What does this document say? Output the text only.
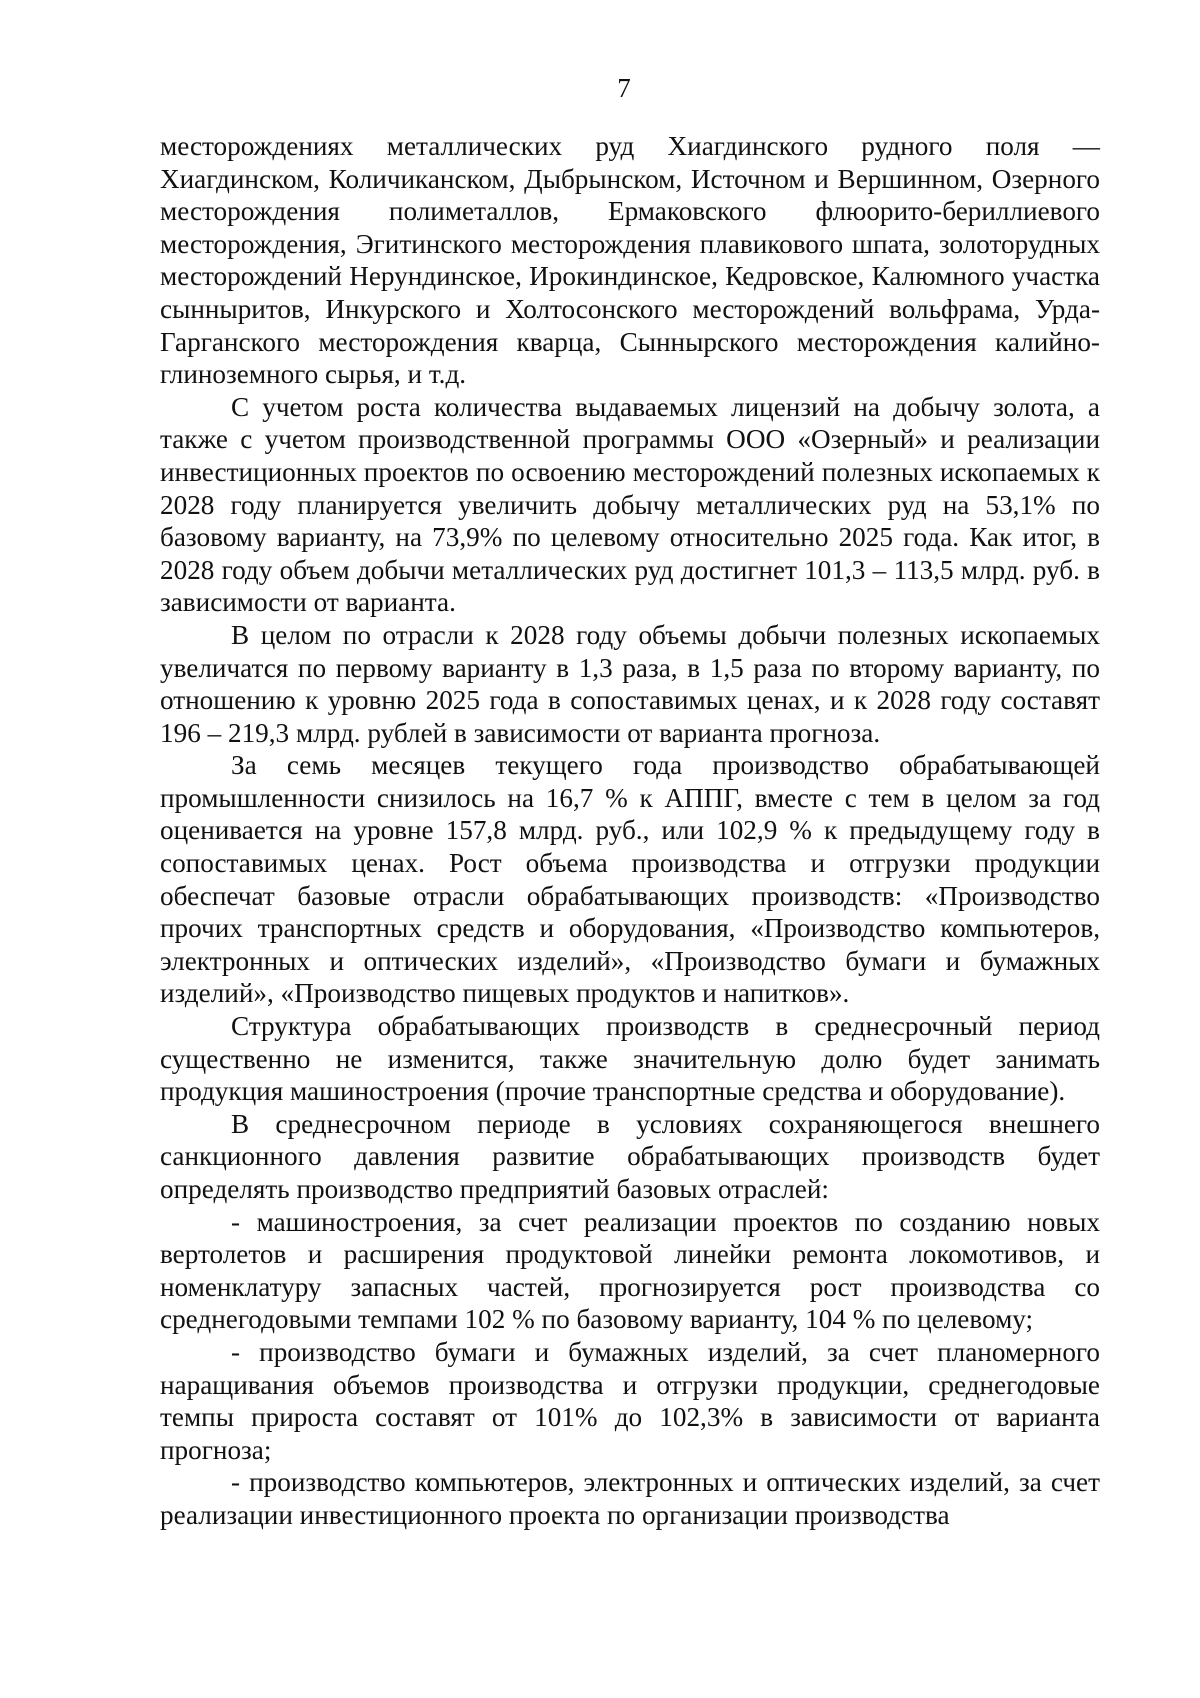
7

месторождениях металлических руд Хиагдинского рудного поля — Хиагдинском, Количиканском, Дыбрынском, Источном и Вершинном, Озерного месторождения полиметаллов, Ермаковского флюорито-бериллиевого месторождения, Эгитинского месторождения плавикового шпата, золоторудных месторождений Нерундинское, Ирокиндинское, Кедровское, Калюмного участка сынныритов, Инкурского и Холтосонского месторождений вольфрама, Урда-Гарганского месторождения кварца, Сыннырского месторождения калийно-глиноземного сырья, и т.д.

С учетом роста количества выдаваемых лицензий на добычу золота, а также с учетом производственной программы ООО «Озерный» и реализации инвестиционных проектов по освоению месторождений полезных ископаемых к 2028 году планируется увеличить добычу металлических руд на 53,1% по базовому варианту, на 73,9% по целевому относительно 2025 года. Как итог, в 2028 году объем добычи металлических руд достигнет 101,3 – 113,5 млрд. руб. в зависимости от варианта.

В целом по отрасли к 2028 году объемы добычи полезных ископаемых увеличатся по первому варианту в 1,3 раза, в 1,5 раза по второму варианту, по отношению к уровню 2025 года в сопоставимых ценах, и к 2028 году составят 196 – 219,3 млрд. рублей в зависимости от варианта прогноза.

За семь месяцев текущего года производство обрабатывающей промышленности снизилось на 16,7 % к АППГ, вместе с тем в целом за год оценивается на уровне 157,8 млрд. руб., или 102,9 % к предыдущему году в сопоставимых ценах. Рост объема производства и отгрузки продукции обеспечат базовые отрасли обрабатывающих производств: «Производство прочих транспортных средств и оборудования, «Производство компьютеров, электронных и оптических изделий», «Производство бумаги и бумажных изделий», «Производство пищевых продуктов и напитков».

Структура обрабатывающих производств в среднесрочный период существенно не изменится, также значительную долю будет занимать продукция машиностроения (прочие транспортные средства и оборудование).

В среднесрочном периоде в условиях сохраняющегося внешнего санкционного давления развитие обрабатывающих производств будет определять производство предприятий базовых отраслей:

- машиностроения, за счет реализации проектов по созданию новых вертолетов и расширения продуктовой линейки ремонта локомотивов, и номенклатуру запасных частей, прогнозируется рост производства со среднегодовыми темпами 102 % по базовому варианту, 104 % по целевому;

- производство бумаги и бумажных изделий, за счет планомерного наращивания объемов производства и отгрузки продукции, среднегодовые темпы прироста составят от 101% до 102,3% в зависимости от варианта прогноза;

- производство компьютеров, электронных и оптических изделий, за счет реализации инвестиционного проекта по организации производства
